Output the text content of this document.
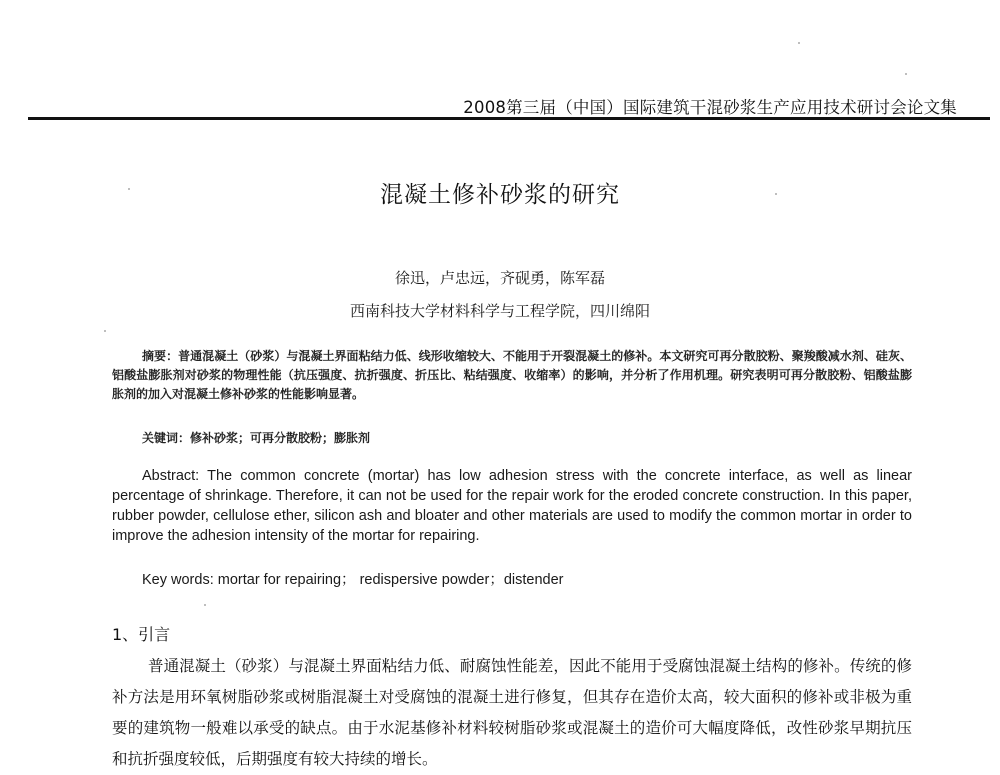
2008第三届（中国）国际建筑干混砂浆生产应用技术研讨会论文集
混凝土修补砂浆的研究
徐迅，卢忠远，齐砚勇，陈军磊
西南科技大学材料科学与工程学院，四川绵阳
摘要：普通混凝土（砂浆）与混凝土界面粘结力低、线形收缩较大、不能用于开裂混凝土的修补。本文研究可再分散胶粉、聚羧酸减水剂、硅灰、铝酸盐膨胀剂对砂浆的物理性能（抗压强度、抗折强度、折压比、粘结强度、收缩率）的影响，并分析了作用机理。研究表明可再分散胶粉、铝酸盐膨胀剂的加入对混凝土修补砂浆的性能影响显著。
关键词：修补砂浆；可再分散胶粉；膨胀剂
Abstract: The common concrete (mortar) has low adhesion stress with the concrete interface, as well as linear percentage of shrinkage. Therefore, it can not be used for the repair work for the eroded concrete construction. In this paper, rubber powder, cellulose ether, silicon ash and bloater and other materials are used to modify the common mortar in order to improve the adhesion intensity of the mortar for repairing.
Key words: mortar for repairing； redispersive powder；distender
1、引言
普通混凝土（砂浆）与混凝土界面粘结力低、耐腐蚀性能差，因此不能用于受腐蚀混凝土结构的修补。传统的修补方法是用环氧树脂砂浆或树脂混凝土对受腐蚀的混凝土进行修复，但其存在造价太高，较大面积的修补或非极为重要的建筑物一般难以承受的缺点。由于水泥基修补材料较树脂砂浆或混凝土的造价可大幅度降低，改性砂浆早期抗压和抗折强度较低，后期强度有较大持续的增长。
